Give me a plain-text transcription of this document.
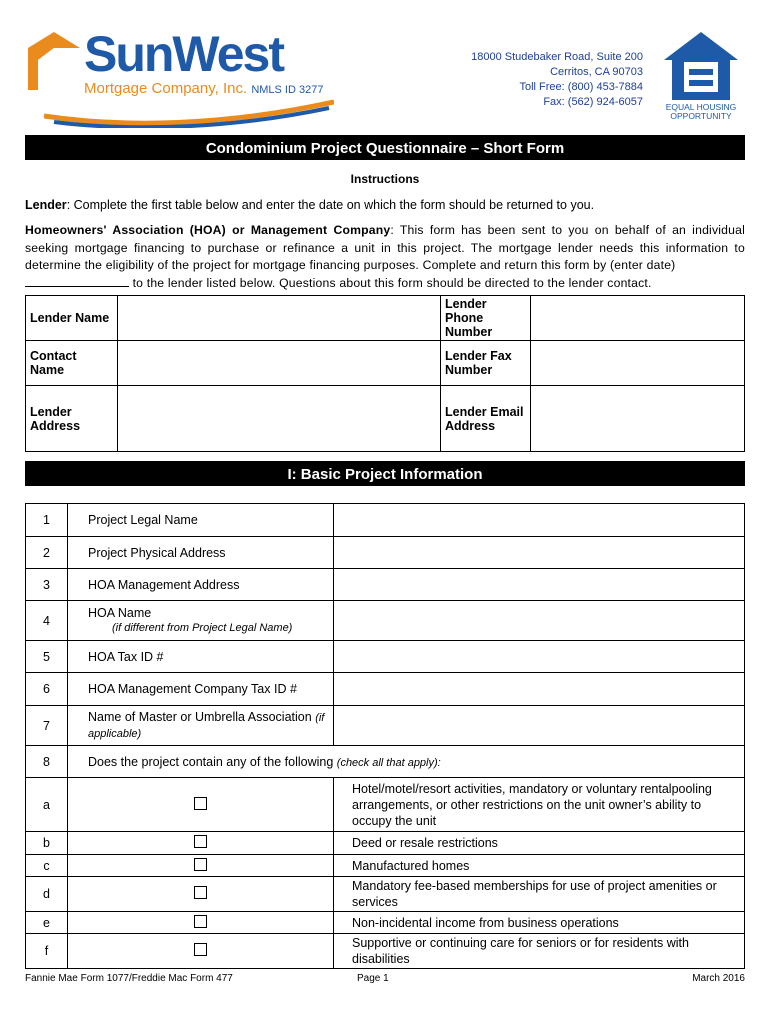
SunWest
Mortgage Company, Inc. NMLS ID 3277
18000 Studebaker Road, Suite 200
Cerritos, CA 90703
Toll Free: (800) 453-7884
Fax: (562) 924-6057	EQUAL HOUSING
OPPORTUNITY
Condominium Project Questionnaire – Short Form
Instructions
Lender: Complete the first table below and enter the date on which the form should be returned to you.
Homeowners' Association (HOA) or Management Company: This form has been sent to you on behalf of an individual seeking mortgage financing to purchase or refinance a unit in this project. The mortgage lender needs this information to determine the eligibility of the project for mortgage financing purposes. Complete and return this form by (enter date)
to the lender listed below. Questions about this form should be directed to the lender contact.
Lender Name		Lender Phone Number	
Contact Name		Lender Fax Number	
Lender Address		Lender Email Address	
I: Basic Project Information
1	Project Legal Name	
2	Project Physical Address	
3	HOA Management Address	
4	HOA Name
(if different from Project Legal Name)	

5	HOA Tax ID #	
6	HOA Management Company Tax ID #	
7	Name of Master or Umbrella Association (if applicable)	
8	Does the project contain any of the following (check all that apply):	
a		Hotel/motel/resort activities, mandatory or voluntary rentalpooling arrangements, or other restrictions on the unit owner’s ability to occupy the unit
b		Deed or resale restrictions
c		Manufactured homes
d		Mandatory fee-based memberships for use of project amenities or services
e		Non-incidental income from business operations
f		Supportive or continuing care for seniors or for residents with disabilities
Fannie Mae Form 1077/Freddie Mac Form 477	Page 1	March 2016
